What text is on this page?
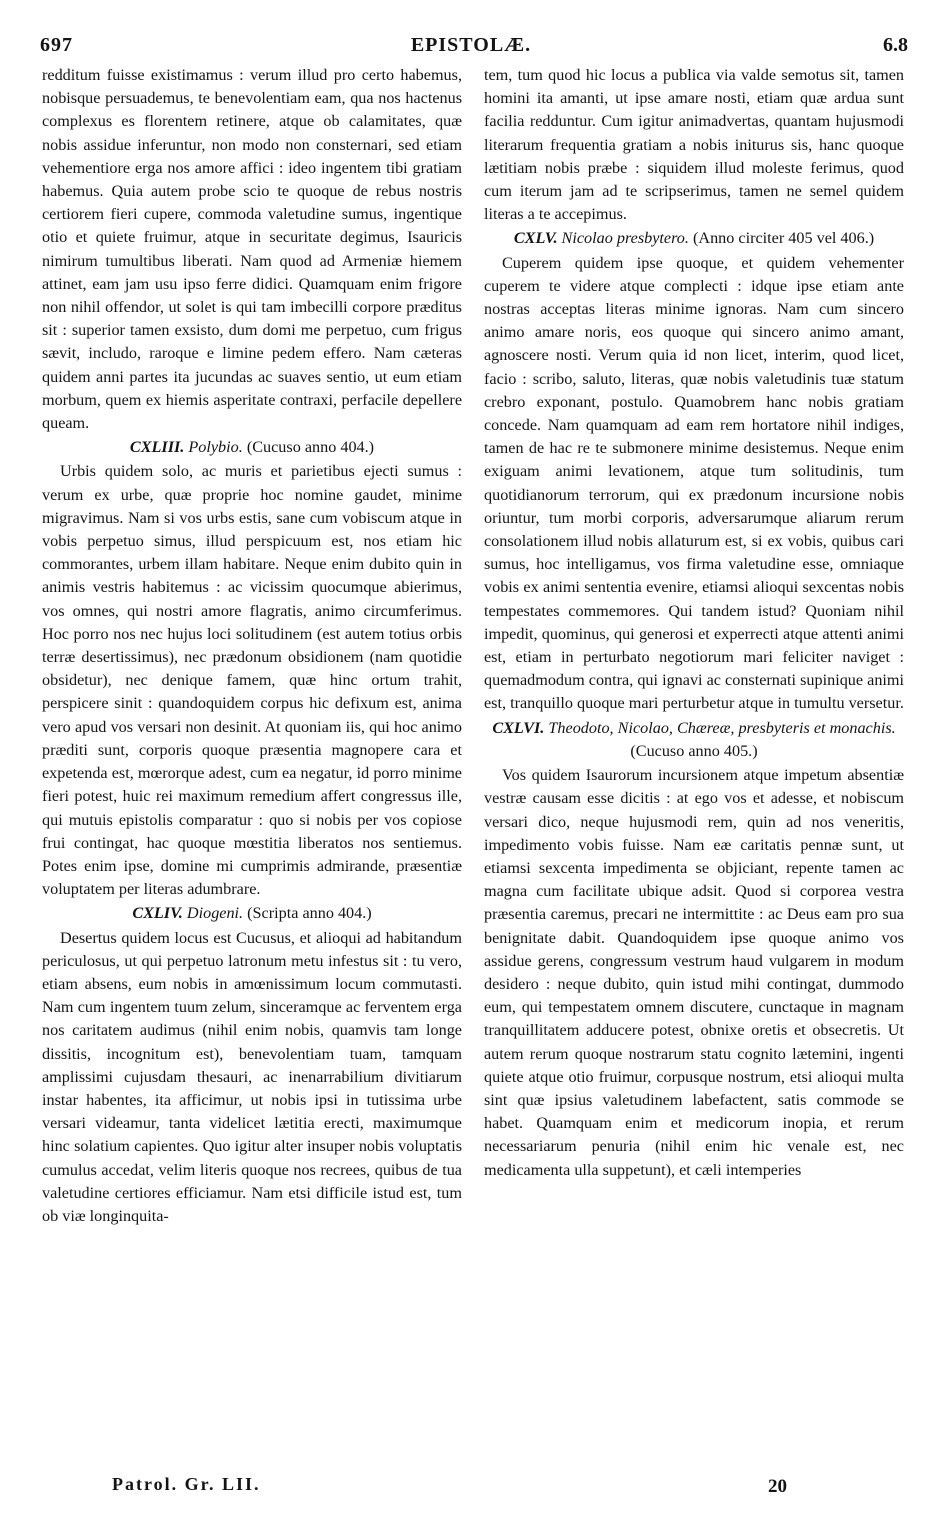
697	EPISTOLÆ.	6.8

redditum fuisse existimamus : verum illud pro certo habemus, nobisque persuademus, te benevolentiam eam, qua nos hactenus complexus es florentem retinere, atque ob calamitates, quæ nobis assidue inferuntur, non modo non consternari, sed etiam vehementiore erga nos amore affici : ideo ingentem tibi gratiam habemus. Quia autem probe scio te quoque de rebus nostris certiorem fieri cupere, commoda valetudine sumus, ingentique otio et quiete fruimur, atque in securitate degimus, Isauricis nimirum tumultibus liberati. Nam quod ad Armeniæ hiemem attinet, eam jam usu ipso ferre didici. Quamquam enim frigore non nihil offendor, ut solet is qui tam imbecilli corpore præditus sit : superior tamen exsisto, dum domi me perpetuo, cum frigus sævit, includo, raroque e limine pedem effero. Nam cæteras quidem anni partes ita jucundas ac suaves sentio, ut eum etiam morbum, quem ex hiemis asperitate contraxi, perfacile depellere queam.

CXLIII. Polybio. (Cucuso anno 404.)

Urbis quidem solo, ac muris et parietibus ejecti sumus : verum ex urbe, quæ proprie hoc nomine gaudet, minime migravimus. Nam si vos urbs estis, sane cum vobiscum atque in vobis perpetuo simus, illud perspicuum est, nos etiam hic commorantes, urbem illam habitare. Neque enim dubito quin in animis vestris habitemus : ac vicissim quocumque abierimus, vos omnes, qui nostri amore flagratis, animo circumferimus. Hoc porro nos nec hujus loci solitudinem (est autem totius orbis terræ desertissimus), nec prædonum obsidionem (nam quotidie obsidetur), nec denique famem, quæ hinc ortum trahit, perspicere sinit : quandoquidem corpus hic defixum est, anima vero apud vos versari non desinit. At quoniam iis, qui hoc animo præditi sunt, corporis quoque præsentia magnopere cara et expetenda est, mœrorque adest, cum ea negatur, id porro minime fieri potest, huic rei maximum remedium affert congressus ille, qui mutuis epistolis comparatur : quo si nobis per vos copiose frui contingat, hac quoque mœstitia liberatos nos sentiemus. Potes enim ipse, domine mi cumprimis admirande, præsentiæ voluptatem per literas adumbrare.

CXLIV. Diogeni. (Scripta anno 404.)

Desertus quidem locus est Cucusus, et alioqui ad habitandum periculosus, ut qui perpetuo latronum metu infestus sit : tu vero, etiam absens, eum nobis in amœnissimum locum commutasti. Nam cum ingentem tuum zelum, sinceramque ac ferventem erga nos caritatem audimus (nihil enim nobis, quamvis tam longe dissitis, incognitum est), benevolentiam tuam, tamquam amplissimi cujusdam thesauri, ac inenarrabilium divitiarum instar habentes, ita afficimur, ut nobis ipsi in tutissima urbe versari videamur, tanta videlicet lætitia erecti, maximumque hinc solatium capientes. Quo igitur alter insuper nobis voluptatis cumulus accedat, velim literis quoque nos recrees, quibus de tua valetudine certiores efficiamur. Nam etsi difficile istud est, tum ob viæ longinquita-

tem, tum quod hic locus a publica via valde semotus sit, tamen homini ita amanti, ut ipse amare nosti, etiam quæ ardua sunt facilia redduntur. Cum igitur animadvertas, quantam hujusmodi literarum frequentia gratiam a nobis initurus sis, hanc quoque lætitiam nobis præbe : siquidem illud moleste ferimus, quod cum iterum jam ad te scripserimus, tamen ne semel quidem literas a te accepimus.

CXLV. Nicolao presbytero. (Anno circiter 405 vel 406.)

Cuperem quidem ipse quoque, et quidem vehementer cuperem te videre atque complecti : idque ipse etiam ante nostras acceptas literas minime ignoras. Nam cum sincero animo amare noris, eos quoque qui sincero animo amant, agnoscere nosti. Verum quia id non licet, interim, quod licet, facio : scribo, saluto, literas, quæ nobis valetudinis tuæ statum crebro exponant, postulo. Quamobrem hanc nobis gratiam concede. Nam quamquam ad eam rem hortatore nihil indiges, tamen de hac re te submonere minime desistemus. Neque enim exiguam animi levationem, atque tum solitudinis, tum quotidianorum terrorum, qui ex prædonum incursione nobis oriuntur, tum morbi corporis, adversarumque aliarum rerum consolationem illud nobis allaturum est, si ex vobis, quibus cari sumus, hoc intelligamus, vos firma valetudine esse, omniaque vobis ex animi sententia evenire, etiamsi alioqui sexcentas nobis tempestates commemores. Qui tandem istud? Quoniam nihil impedit, quominus, qui generosi et experrecti atque attenti animi est, etiam in perturbato negotiorum mari feliciter naviget : quemadmodum contra, qui ignavi ac consternati supinique animi est, tranquillo quoque mari perturbetur atque in tumultu versetur.

CXLVI. Theodoto, Nicolao, Chæreæ, presbyteris et monachis. (Cucuso anno 405.)

Vos quidem Isaurorum incursionem atque impetum absentiæ vestræ causam esse dicitis : at ego vos et adesse, et nobiscum versari dico, neque hujusmodi rem, quin ad nos veneritis, impedimento vobis fuisse. Nam eæ caritatis pennæ sunt, ut etiamsi sexcenta impedimenta se objiciant, repente tamen ac magna cum facilitate ubique adsit. Quod si corporea vestra præsentia caremus, precari ne intermittite : ac Deus eam pro sua benignitate dabit. Quandoquidem ipse quoque animo vos assidue gerens, congressum vestrum haud vulgarem in modum desidero : neque dubito, quin istud mihi contingat, dummodo eum, qui tempestatem omnem discutere, cunctaque in magnam tranquillitatem adducere potest, obnixe oretis et obsecretis. Ut autem rerum quoque nostrarum statu cognito lætemini, ingenti quiete atque otio fruimur, corpusque nostrum, etsi alioqui multa sint quæ ipsius valetudinem labefactent, satis commode se habet. Quamquam enim et medicorum inopia, et rerum necessariarum penuria (nihil enim hic venale est, nec medicamenta ulla suppetunt), et cæli intemperies

Patrol. Gr. LII.	20
